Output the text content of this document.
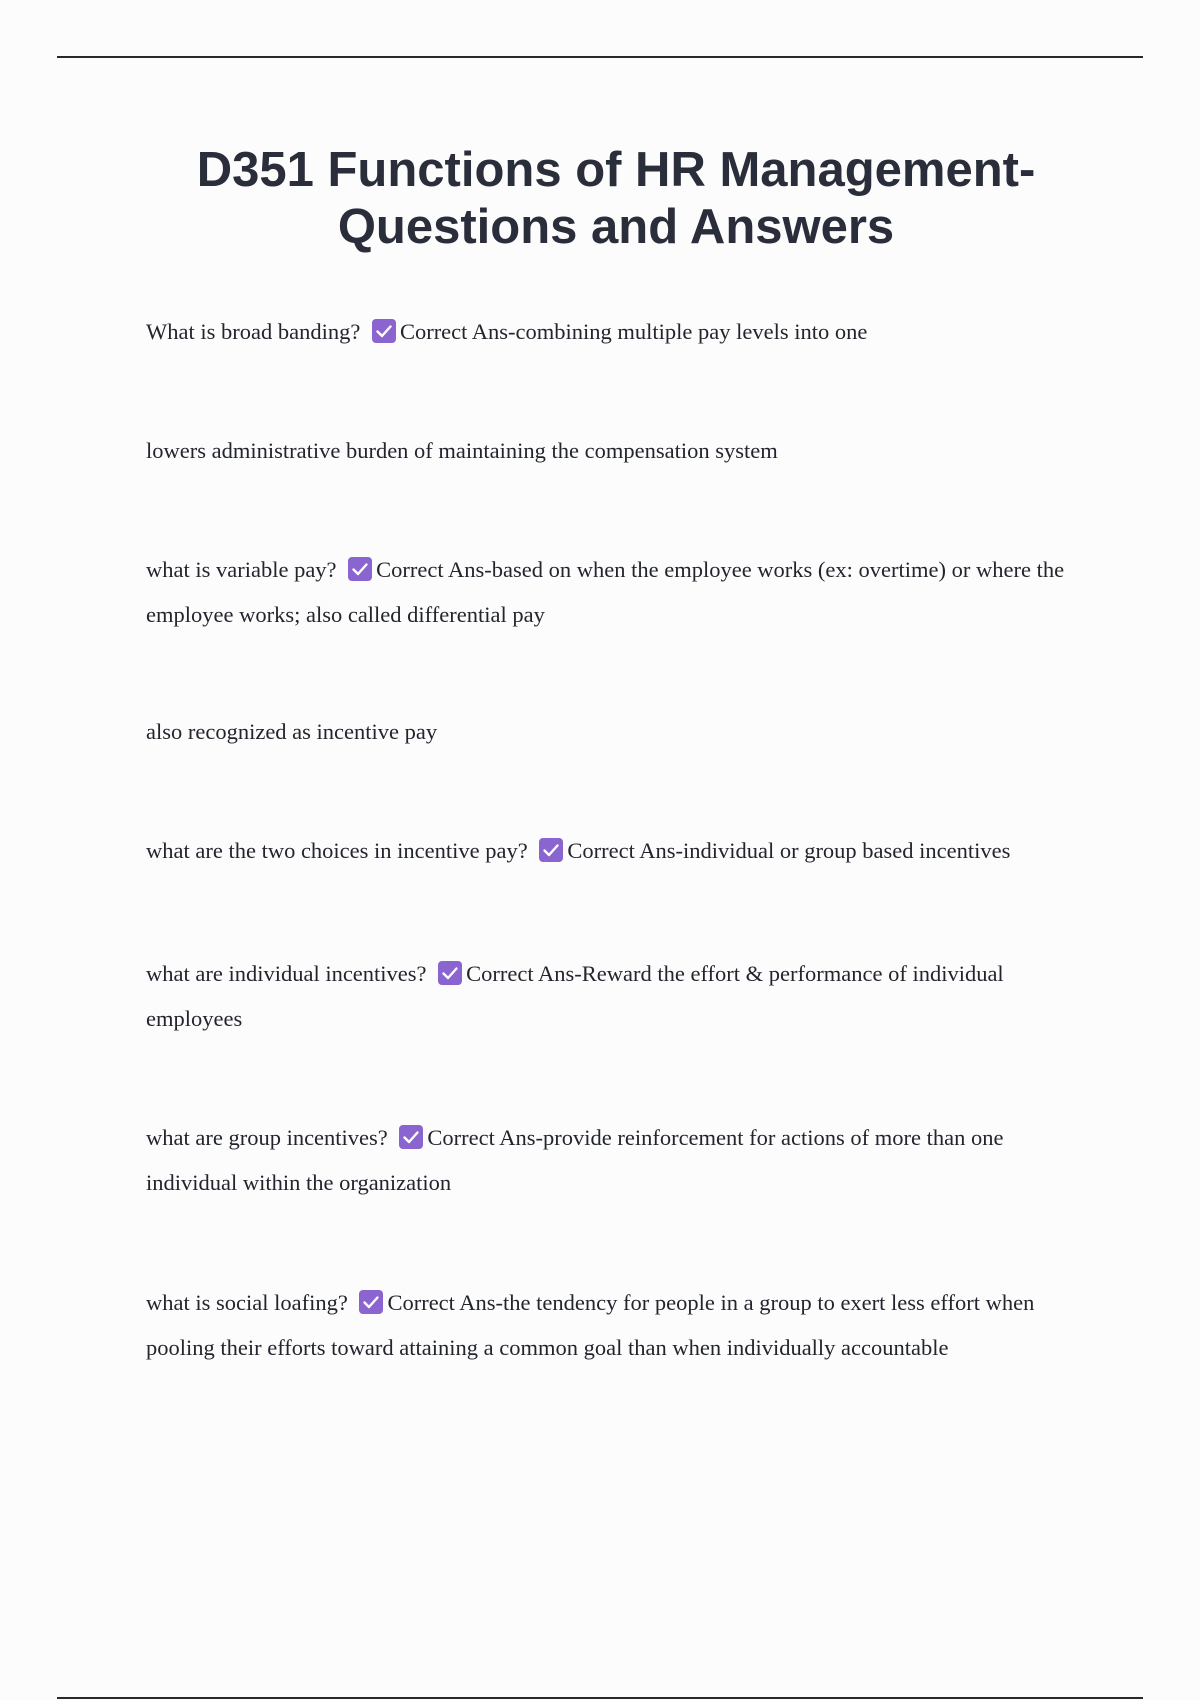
D351 Functions of HR Management-
Questions and Answers

What is broad banding? Correct Ans-combining multiple pay levels into one

lowers administrative burden of maintaining the compensation system

what is variable pay? Correct Ans-based on when the employee works (ex: overtime) or where the employee works; also called differential pay

also recognized as incentive pay

what are the two choices in incentive pay? Correct Ans-individual or group based incentives

what are individual incentives? Correct Ans-Reward the effort & performance of individual employees

what are group incentives? Correct Ans-provide reinforcement for actions of more than one individual within the organization

what is social loafing? Correct Ans-the tendency for people in a group to exert less effort when pooling their efforts toward attaining a common goal than when individually accountable
